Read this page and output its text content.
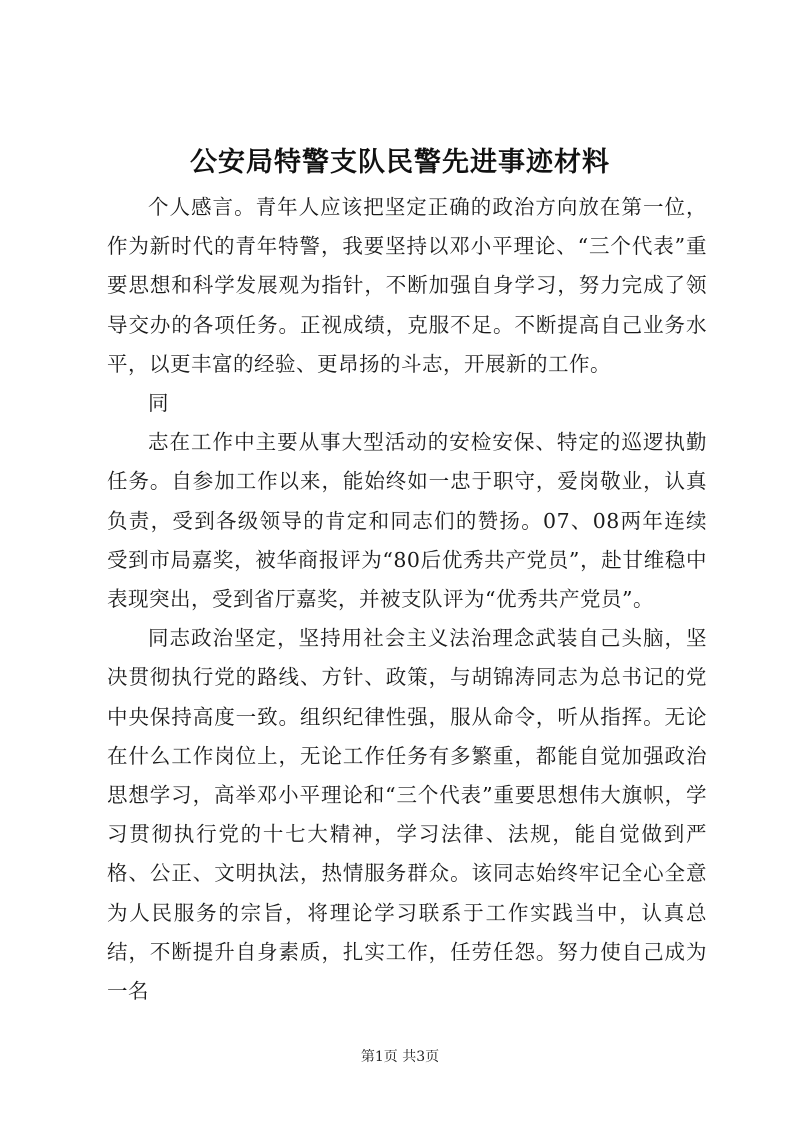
公安局特警支队民警先进事迹材料

个人感言。青年人应该把坚定正确的政治方向放在第一位，作为新时代的青年特警，我要坚持以邓小平理论、“三个代表”重要思想和科学发展观为指针，不断加强自身学习，努力完成了领导交办的各项任务。正视成绩，克服不足。不断提高自己业务水平，以更丰富的经验、更昂扬的斗志，开展新的工作。

同

志在工作中主要从事大型活动的安检安保、特定的巡逻执勤任务。自参加工作以来，能始终如一忠于职守，爱岗敬业，认真负责，受到各级领导的肯定和同志们的赞扬。07、08两年连续受到市局嘉奖，被华商报评为“80后优秀共产党员”，赴甘维稳中表现突出，受到省厅嘉奖，并被支队评为“优秀共产党员”。

同志政治坚定，坚持用社会主义法治理念武装自己头脑，坚决贯彻执行党的路线、方针、政策，与胡锦涛同志为总书记的党中央保持高度一致。组织纪律性强，服从命令，听从指挥。无论在什么工作岗位上，无论工作任务有多繁重，都能自觉加强政治思想学习，高举邓小平理论和“三个代表”重要思想伟大旗帜，学习贯彻执行党的十七大精神，学习法律、法规，能自觉做到严格、公正、文明执法，热情服务群众。该同志始终牢记全心全意为人民服务的宗旨，将理论学习联系于工作实践当中，认真总结，不断提升自身素质，扎实工作，任劳任怨。努力使自己成为一名

第1页 共3页
